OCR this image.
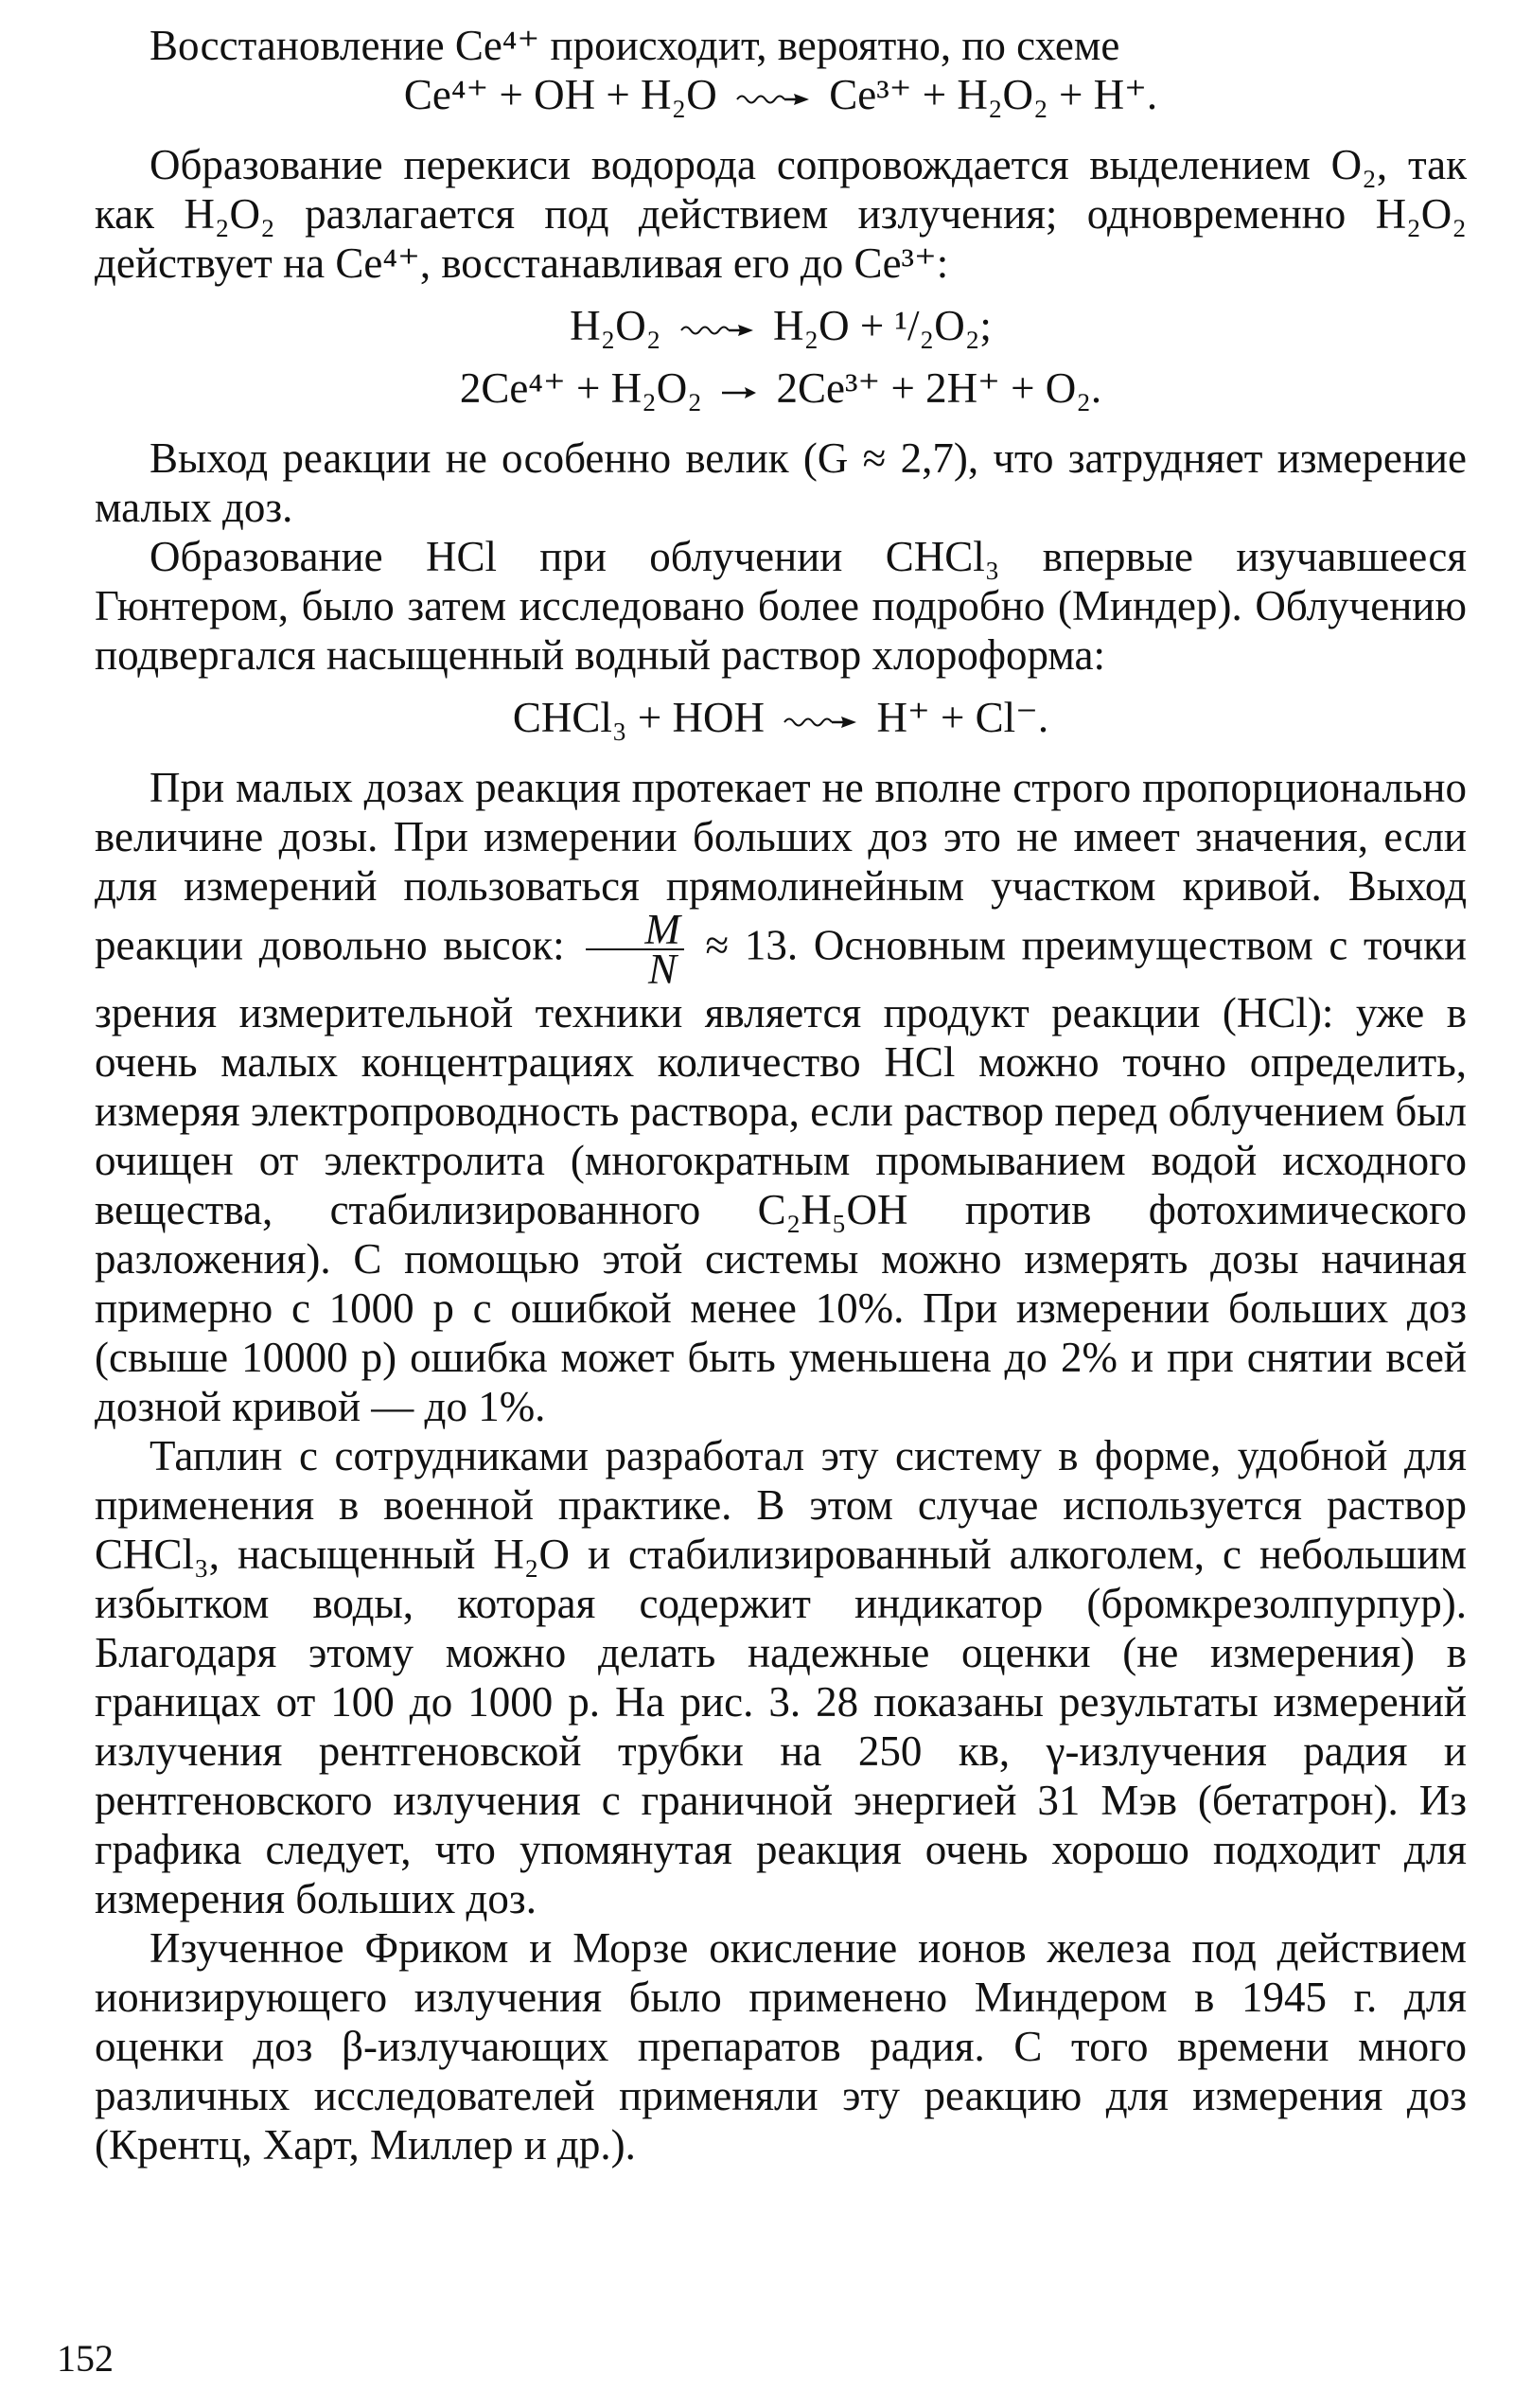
Восстановление Ce⁴⁺ происходит, вероятно, по схеме

Ce⁴⁺ + OH + H₂O	Ce³⁺ + H₂O₂ + H⁺.

Образование перекиси водорода сопровождается выделением O₂, так как H₂O₂ разлагается под действием излучения; одновременно H₂O₂ действует на Ce⁴⁺, восстанавливая его до Ce³⁺:

H₂O₂	H₂O + ¹/₂O₂;

2Ce⁴⁺ + H₂O₂ 2Ce³⁺ + 2H⁺ + O₂.

Выход реакции не особенно велик (G ≈ 2,7), что затрудняет измерение малых доз.

Образование HCl при облучении CHCl₃ впервые изучавшееся Гюнтером, было затем исследовано более подробно (Миндер). Облучению подвергался насыщенный водный раствор хлороформа:

CHCl₃ + HOH	H⁺ + Cl⁻.

При малых дозах реакция протекает не вполне строго пропорционально величине дозы. При измерении больших доз это не имеет значения, если для измерений пользоваться прямолинейным участком кривой. Выход реакции довольно высок: $\frac{M}{N} \approx 13$. Основным преимуществом с точки зрения измерительной техники является продукт реакции (HCl): уже в очень малых концентрациях количество HCl можно точно определить, измеряя электропроводность раствора, если раствор перед облучением был очищен от электролита (многократным промыванием водой исходного вещества, стабилизированного C₂H₅OH против фотохимического разложения). С помощью этой системы можно измерять дозы начиная примерно с 1000 р с ошибкой менее 10%. При измерении больших доз (свыше 10000 р) ошибка может быть уменьшена до 2% и при снятии всей дозной кривой — до 1%.

Таплин с сотрудниками разработал эту систему в форме, удобной для применения в военной практике. В этом случае используется раствор CHCl₃, насыщенный H₂O и стабилизированный алкоголем, с небольшим избытком воды, которая содержит индикатор (бромкрезолпурпур). Благодаря этому можно делать надежные оценки (не измерения) в границах от 100 до 1000 р. На рис. 3. 28 показаны результаты измерений излучения рентгеновской трубки на 250 кв, γ-излучения радия и рентгеновского излучения с граничной энергией 31 Мэв (бетатрон). Из графика следует, что упомянутая реакция очень хорошо подходит для измерения больших доз.

Изученное Фриком и Морзе окисление ионов железа под действием ионизирующего излучения было применено Миндером в 1945 г. для оценки доз β-излучающих препаратов радия. С того времени много различных исследователей применяли эту реакцию для измерения доз (Крентц, Харт, Миллер и др.).

152
